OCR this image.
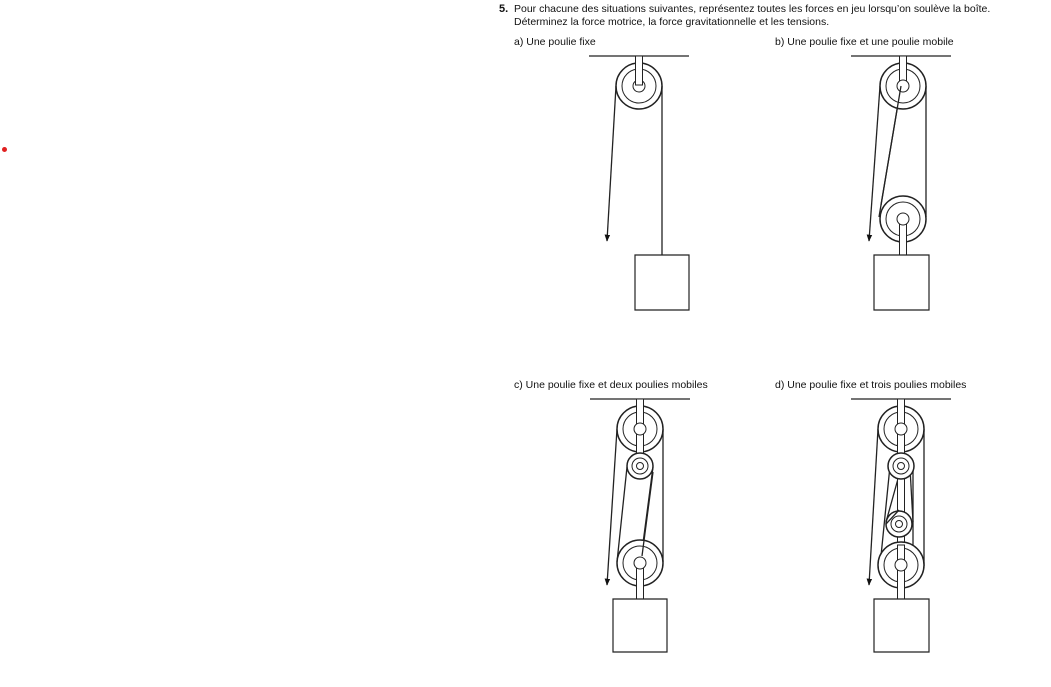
5. Pour chacune des situations suivantes, représentez toutes les forces en jeu lorsqu’on soulève la boîte.
Déterminez la force motrice, la force gravitationnelle et les tensions.
a) Une poulie fixe	b) Une poulie fixe et une poulie mobile
c) Une poulie fixe et deux poulies mobiles	d) Une poulie fixe et trois poulies mobiles
